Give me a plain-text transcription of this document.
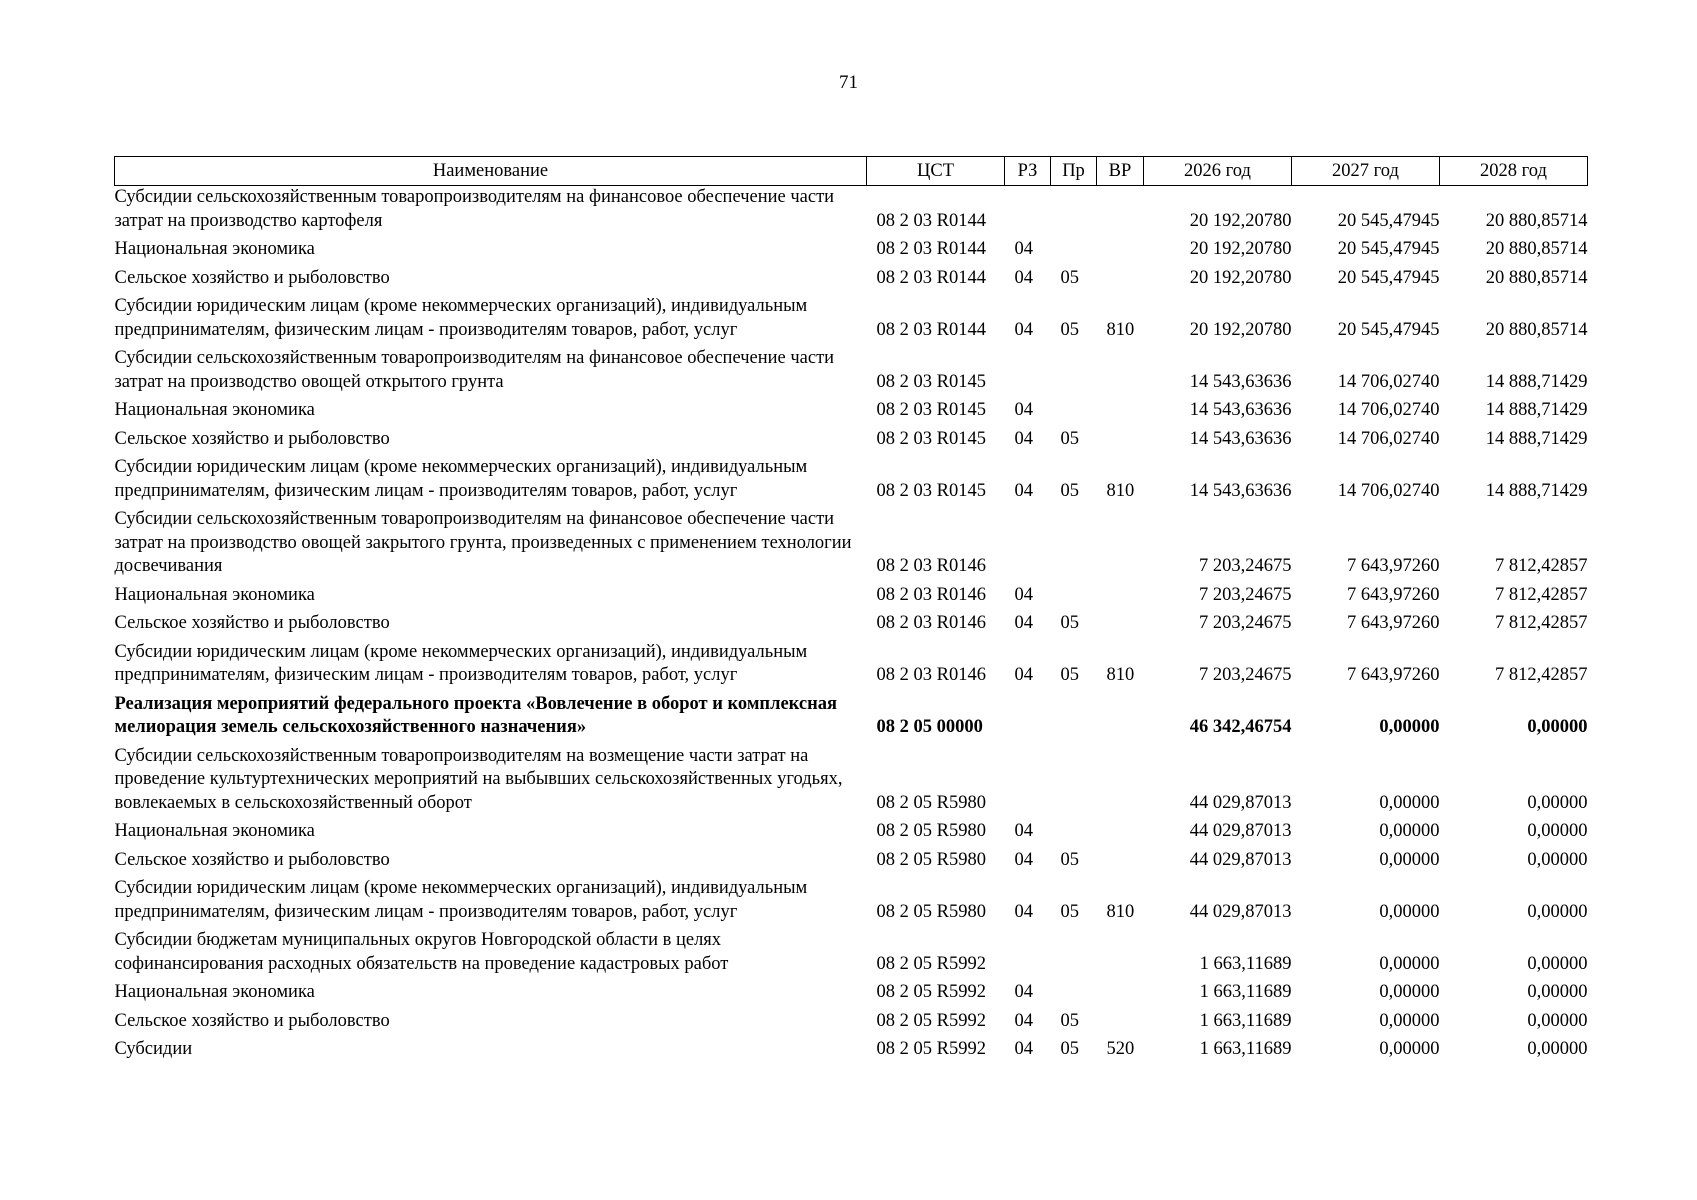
71
Наименование	ЦСТ	РЗ	Пр	ВР	2026 год	2027 год	2028 год
Субсидии сельскохозяйственным товаропроизводителям на финансовое обеспечение части затрат на производство картофеля	08 2 03 R0144				20 192,20780	20 545,47945	20 880,85714
Национальная экономика	08 2 03 R0144	04			20 192,20780	20 545,47945	20 880,85714
Сельское хозяйство и рыболовство	08 2 03 R0144	04	05		20 192,20780	20 545,47945	20 880,85714
Субсидии юридическим лицам (кроме некоммерческих организаций), индивидуальным предпринимателям, физическим лицам - производителям товаров, работ, услуг	08 2 03 R0144	04	05	810	20 192,20780	20 545,47945	20 880,85714
Субсидии сельскохозяйственным товаропроизводителям на финансовое обеспечение части затрат на производство овощей открытого грунта	08 2 03 R0145				14 543,63636	14 706,02740	14 888,71429
Национальная экономика	08 2 03 R0145	04			14 543,63636	14 706,02740	14 888,71429
Сельское хозяйство и рыболовство	08 2 03 R0145	04	05		14 543,63636	14 706,02740	14 888,71429
Субсидии юридическим лицам (кроме некоммерческих организаций), индивидуальным предпринимателям, физическим лицам - производителям товаров, работ, услуг	08 2 03 R0145	04	05	810	14 543,63636	14 706,02740	14 888,71429
Субсидии сельскохозяйственным товаропроизводителям на финансовое обеспечение части затрат на производство овощей закрытого грунта, произведенных с применением технологии досвечивания	08 2 03 R0146				7 203,24675	7 643,97260	7 812,42857
Национальная экономика	08 2 03 R0146	04			7 203,24675	7 643,97260	7 812,42857
Сельское хозяйство и рыболовство	08 2 03 R0146	04	05		7 203,24675	7 643,97260	7 812,42857
Субсидии юридическим лицам (кроме некоммерческих организаций), индивидуальным предпринимателям, физическим лицам - производителям товаров, работ, услуг	08 2 03 R0146	04	05	810	7 203,24675	7 643,97260	7 812,42857
Реализация мероприятий федерального проекта «Вовлечение в оборот и комплексная мелиорация земель сельскохозяйственного назначения»	08 2 05 00000				46 342,46754	0,00000	0,00000
Субсидии сельскохозяйственным товаропроизводителям на возмещение части затрат на проведение культуртехнических мероприятий на выбывших сельскохозяйственных угодьях, вовлекаемых в сельскохозяйственный оборот	08 2 05 R5980				44 029,87013	0,00000	0,00000
Национальная экономика	08 2 05 R5980	04			44 029,87013	0,00000	0,00000
Сельское хозяйство и рыболовство	08 2 05 R5980	04	05		44 029,87013	0,00000	0,00000
Субсидии юридическим лицам (кроме некоммерческих организаций), индивидуальным предпринимателям, физическим лицам - производителям товаров, работ, услуг	08 2 05 R5980	04	05	810	44 029,87013	0,00000	0,00000
Субсидии бюджетам муниципальных округов Новгородской области в целях софинансирования расходных обязательств на проведение кадастровых работ	08 2 05 R5992				1 663,11689	0,00000	0,00000
Национальная экономика	08 2 05 R5992	04			1 663,11689	0,00000	0,00000
Сельское хозяйство и рыболовство	08 2 05 R5992	04	05		1 663,11689	0,00000	0,00000
Субсидии	08 2 05 R5992	04	05	520	1 663,11689	0,00000	0,00000
